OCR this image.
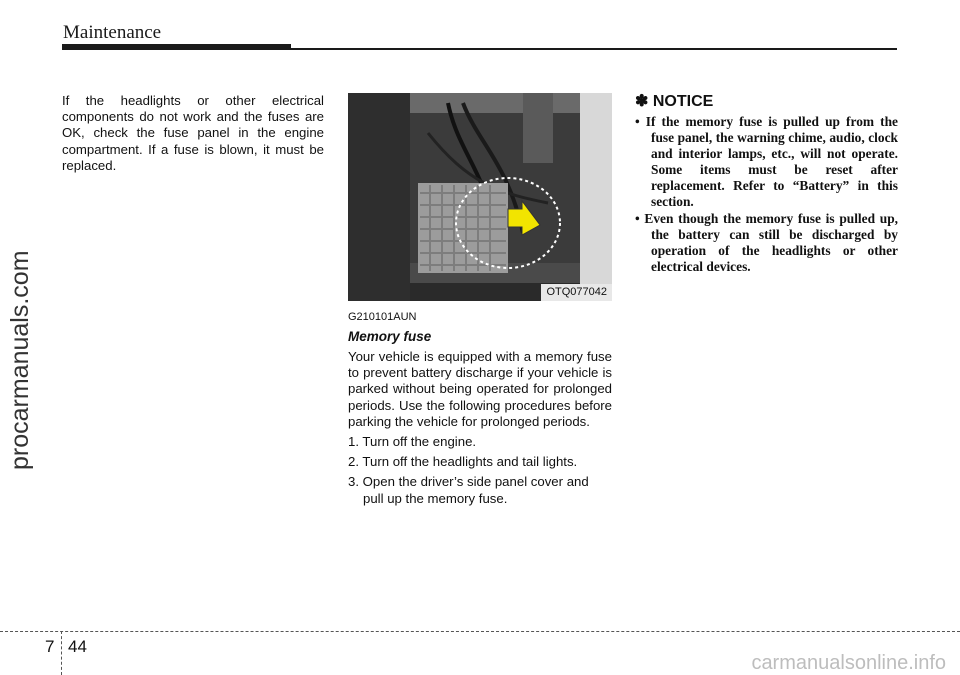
Maintenance
procarmanuals.com
If the headlights or other electrical components do not work and the fuses are OK, check the fuse panel in the engine compartment. If a fuse is blown, it must be replaced.
OTQ077042
G210101AUN
Memory fuse
Your vehicle is equipped with a memory fuse to prevent battery discharge if your vehicle is parked without being operated for prolonged periods. Use the following procedures before parking the vehicle for prolonged periods.
1. Turn off the engine.
2. Turn off the headlights and tail lights.
3. Open the driver’s side panel cover and pull up the memory fuse.
✽ NOTICE
• If the memory fuse is pulled up from the fuse panel, the warning chime, audio, clock and interior lamps, etc., will not operate. Some items must be reset after replacement. Refer to “Battery” in this section.
• Even though the memory fuse is pulled up, the battery can still be discharged by operation of the headlights or other electrical devices.
7 44
carmanualsonline.info
